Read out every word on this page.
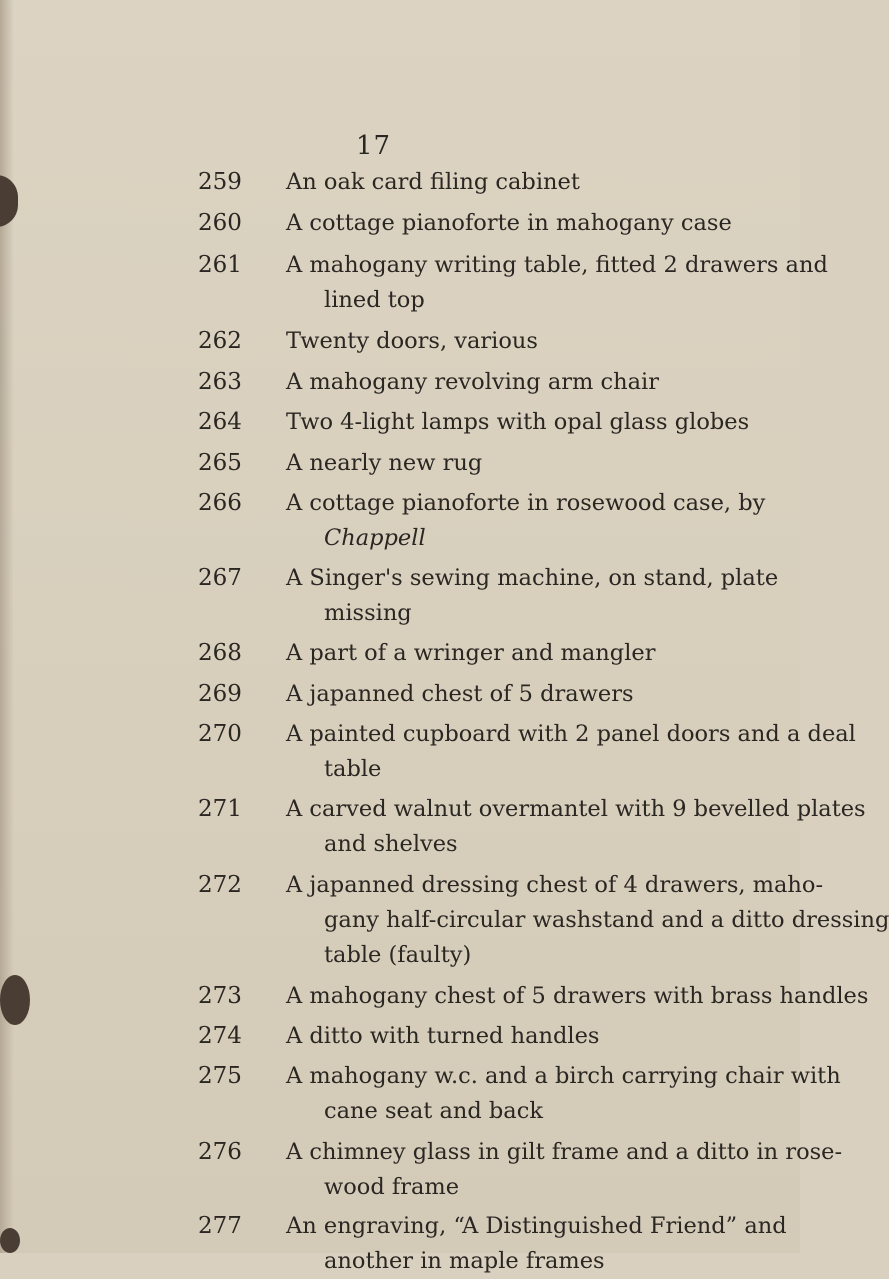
17
259	An oak card filing cabinet
260	A cottage pianoforte in mahogany case
261	A mahogany writing table, fitted 2 drawers and
lined top
262	Twenty doors, various
263	A mahogany revolving arm chair
264	Two 4-light lamps with opal glass globes
265	A nearly new rug
266	A cottage pianoforte in rosewood case, by
Chappell
267	A Singer's sewing machine, on stand, plate
missing
268	A part of a wringer and mangler
269	A japanned chest of 5 drawers
270	A painted cupboard with 2 panel doors and a deal
table
271	A carved walnut overmantel with 9 bevelled plates
and shelves
272	A japanned dressing chest of 4 drawers, maho-
gany half-circular washstand and a ditto dressing
table (faulty)
273	A mahogany chest of 5 drawers with brass handles
274	A ditto with turned handles
275	A mahogany w.c. and a birch carrying chair with
cane seat and back
276	A chimney glass in gilt frame and a ditto in rose-
wood frame
277	An engraving, “A Distinguished Friend” and
another in maple frames
